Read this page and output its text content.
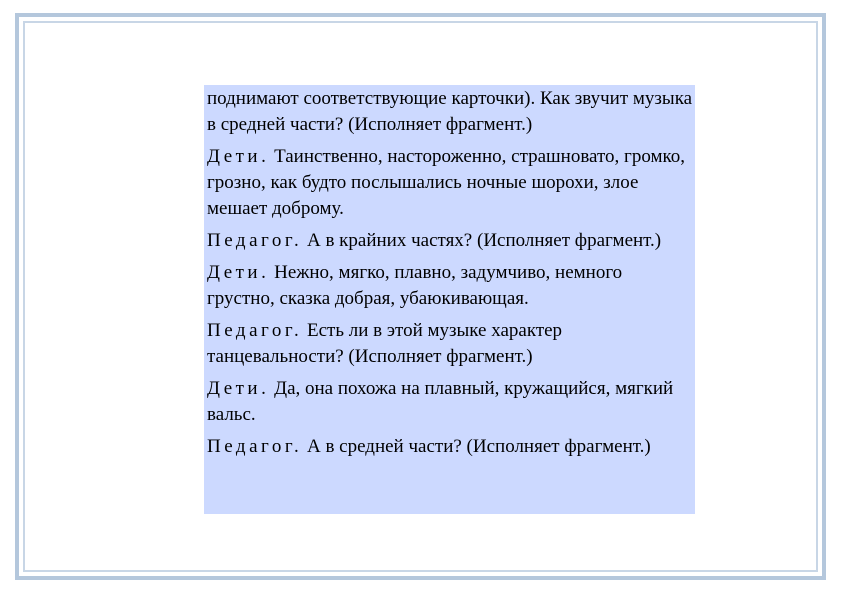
поднимают соответствующие карточки). Как звучит музыка в средней части? (Исполняет фрагмент.)

Дети. Таинственно, настороженно, страшновато, громко, грозно, как будто послышались ночные шорохи, злое мешает доброму.

Педагог. А в крайних частях? (Исполняет фрагмент.)

Дети. Нежно, мягко, плавно, задумчиво, немного грустно, сказка добрая, убаюкивающая.

Педагог. Есть ли в этой музыке характер танцевальности? (Исполняет фрагмент.)

Дети. Да, она похожа на плавный, кружащийся, мягкий вальс.

Педагог. А в средней части? (Исполняет фрагмент.)
